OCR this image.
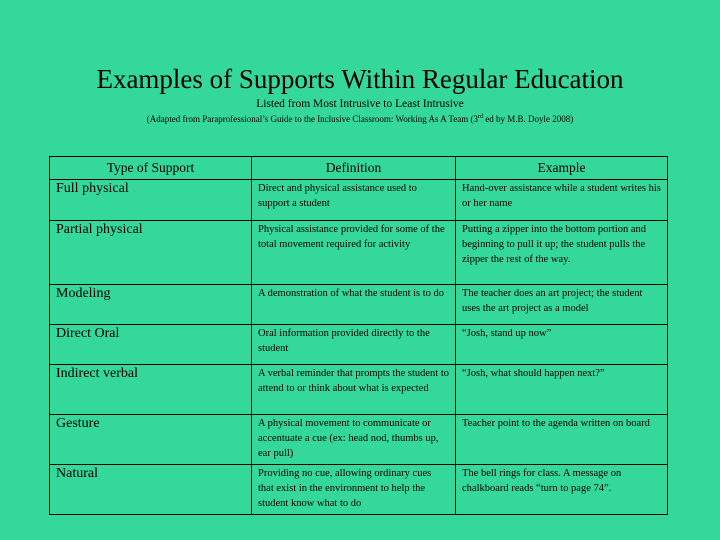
Examples of Supports Within Regular Education
Listed from Most Intrusive to Least Intrusive
(Adapted from Paraprofessional’s Guide to the Inclusive Classroom: Working As A Team (3rd ed by M.B. Doyle 2008)
Type of Support	Definition	Example
Full physical	Direct and physical assistance used to support a student	Hand-over assistance while a student writes his or her name
Partial physical	Physical assistance provided for some of the total movement required for activity	Putting a zipper into the bottom portion and beginning to pull it up; the student pulls the zipper the rest of the way.
Modeling	A demonstration of what the student is to do	The teacher does an art project; the student uses the art project as a model
Direct Oral	Oral information provided directly to the student	“Josh, stand up now”
Indirect verbal	A verbal reminder that prompts the student to attend to or think about what is expected	“Josh, what should happen next?”
Gesture	A physical movement to communicate or accentuate a cue (ex: head nod, thumbs up, ear pull)	Teacher point to the agenda written on board
Natural	Providing no cue, allowing ordinary cues that exist in the environment to help the student know what to do	The bell rings for class. A message on chalkboard reads “turn to page 74”.
